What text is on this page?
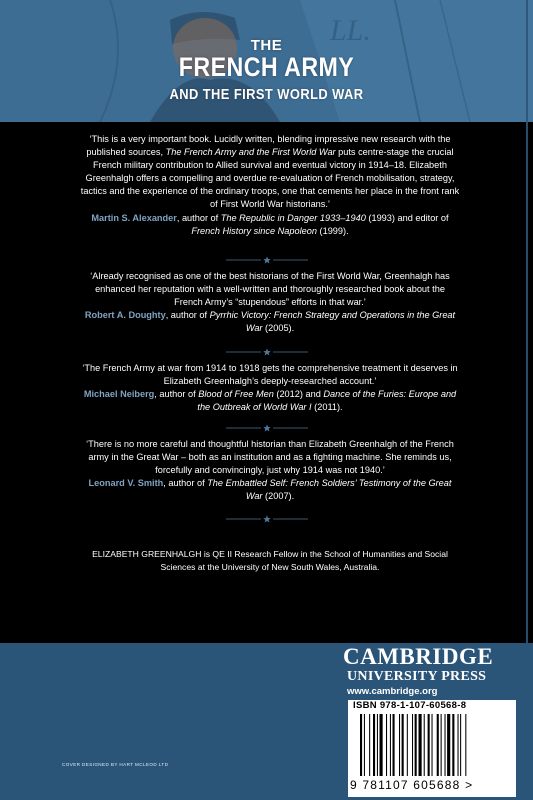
LL.
THE
FRENCH ARMY
AND THE FIRST WORLD WAR
‘This is a very important book. Lucidly written, blending impressive new research with the published sources, The French Army and the First World War puts centre-stage the crucial French military contribution to Allied survival and eventual victory in 1914–18. Elizabeth Greenhalgh offers a compelling and overdue re-evaluation of French mobilisation, strategy, tactics and the experience of the ordinary troops, one that cements her place in the front rank of First World War historians.’
Martin S. Alexander, author of The Republic in Danger 1933–1940 (1993) and editor of French History since Napoleon (1999).
‘Already recognised as one of the best historians of the First World War, Greenhalgh has enhanced her reputation with a well-written and thoroughly researched book about the French Army’s “stupendous” efforts in that war.’
Robert A. Doughty, author of Pyrrhic Victory: French Strategy and Operations in the Great War (2005).
‘The French Army at war from 1914 to 1918 gets the comprehensive treatment it deserves in Elizabeth Greenhalgh’s deeply-researched account.’
Michael Neiberg, author of Blood of Free Men (2012) and Dance of the Furies: Europe and the Outbreak of World War I (2011).
‘There is no more careful and thoughtful historian than Elizabeth Greenhalgh of the French army in the Great War – both as an institution and as a fighting machine. She reminds us, forcefully and convincingly, just why 1914 was not 1940.’
Leonard V. Smith, author of The Embattled Self: French Soldiers’ Testimony of the Great War (2007).
ELIZABETH GREENHALGH is QE II Research Fellow in the School of Humanities and Social Sciences at the University of New South Wales, Australia.
CAMBRIDGE
UNIVERSITY PRESS
www.cambridge.org
ISBN 978-1-107-60568-8
9 781107 605688 >
COVER DESIGNED BY HART MCLEOD LTD
